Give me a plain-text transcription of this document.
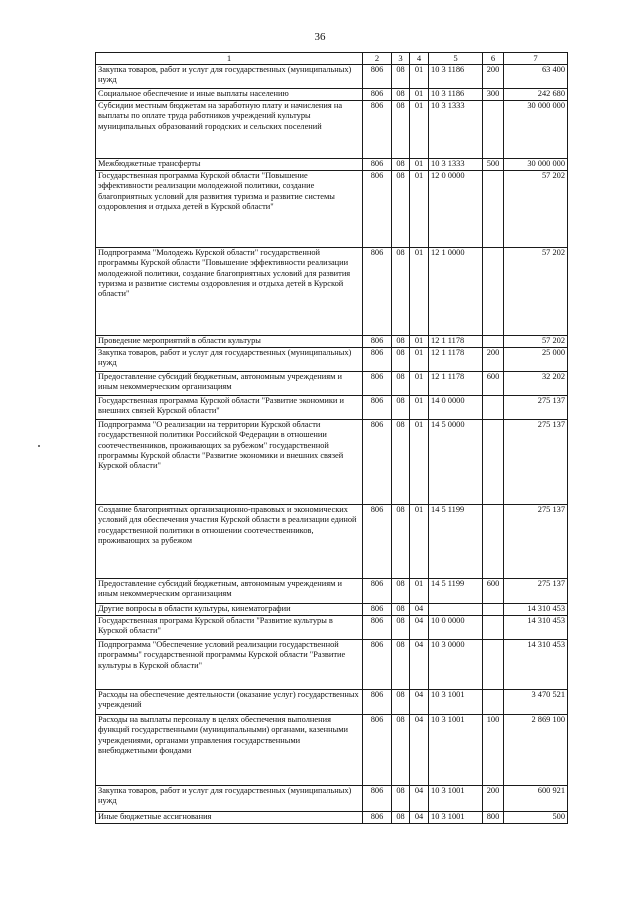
36
1	2	3	4	5	6	7
Закупка товаров, работ и услуг для государственных (муниципальных) нужд	806	08	01	10 3 1186	200	63 400
Социальное обеспечение и иные выплаты населению	806	08	01	10 3 1186	300	242 680
Субсидии местным бюджетам на заработную плату и начисления на выплаты по оплате труда работников учреждений культуры муниципальных образований городских и сельских поселений	806	08	01	10 3 1333		30 000 000
Межбюджетные трансферты	806	08	01	10 3 1333	500	30 000 000
Государственная программа Курской области "Повышение эффективности реализации молодежной политики, создание благоприятных условий для развития туризма и развитие системы оздоровления и отдыха детей в Курской области"	806	08	01	12 0 0000		57 202
Подпрограмма "Молодежь Курской области" государственной программы Курской области "Повышение эффективности реализации молодежной политики, создание благоприятных условий для развития туризма и развитие системы оздоровления и отдыха детей в Курской области"	806	08	01	12 1 0000		57 202
Проведение мероприятий в области культуры	806	08	01	12 1 1178		57 202
Закупка товаров, работ и услуг для государственных (муниципальных) нужд	806	08	01	12 1 1178	200	25 000
Предоставление субсидий бюджетным, автономным учреждениям и иным некоммерческим организациям	806	08	01	12 1 1178	600	32 202
Государственная программа Курской области "Развитие экономики и внешних связей Курской области"	806	08	01	14 0 0000		275 137
Подпрограмма "О реализации на территории Курской области государственной политики Российской Федерации в отношении соотечественников, проживающих за рубежом" государственной программы Курской области "Развитие экономики и внешних связей Курской области"	806	08	01	14 5 0000		275 137
Создание благоприятных организационно-правовых и экономических условий для обеспечения участия Курской области в реализации единой государственной политики в отношении соотечественников, проживающих за рубежом	806	08	01	14 5 1199		275 137
Предоставление субсидий бюджетным, автономным учреждениям и иным некоммерческим организациям	806	08	01	14 5 1199	600	275 137
Другие вопросы в области культуры, кинематографии	806	08	04			14 310 453
Государственная програма Курской области "Развитие культуры в Курской области"	806	08	04	10 0 0000		14 310 453
Подпрограмма "Обеспечение условий реализации государственной программы" государственной программы Курской области "Развитие культуры в Курской области"	806	08	04	10 3 0000		14 310 453
Расходы на обеспечение деятельности (оказание услуг) государственных учреждений	806	08	04	10 3 1001		3 470 521
Расходы на выплаты персоналу в целях обеспечения выполнения функций государственными (муниципальными) органами, казенными учреждениями, органами управления государственными внебюджетными фондами	806	08	04	10 3 1001	100	2 869 100
Закупка товаров, работ и услуг для государственных (муниципальных) нужд	806	08	04	10 3 1001	200	600 921
Иные бюджетные ассигнования	806	08	04	10 3 1001	800	500
